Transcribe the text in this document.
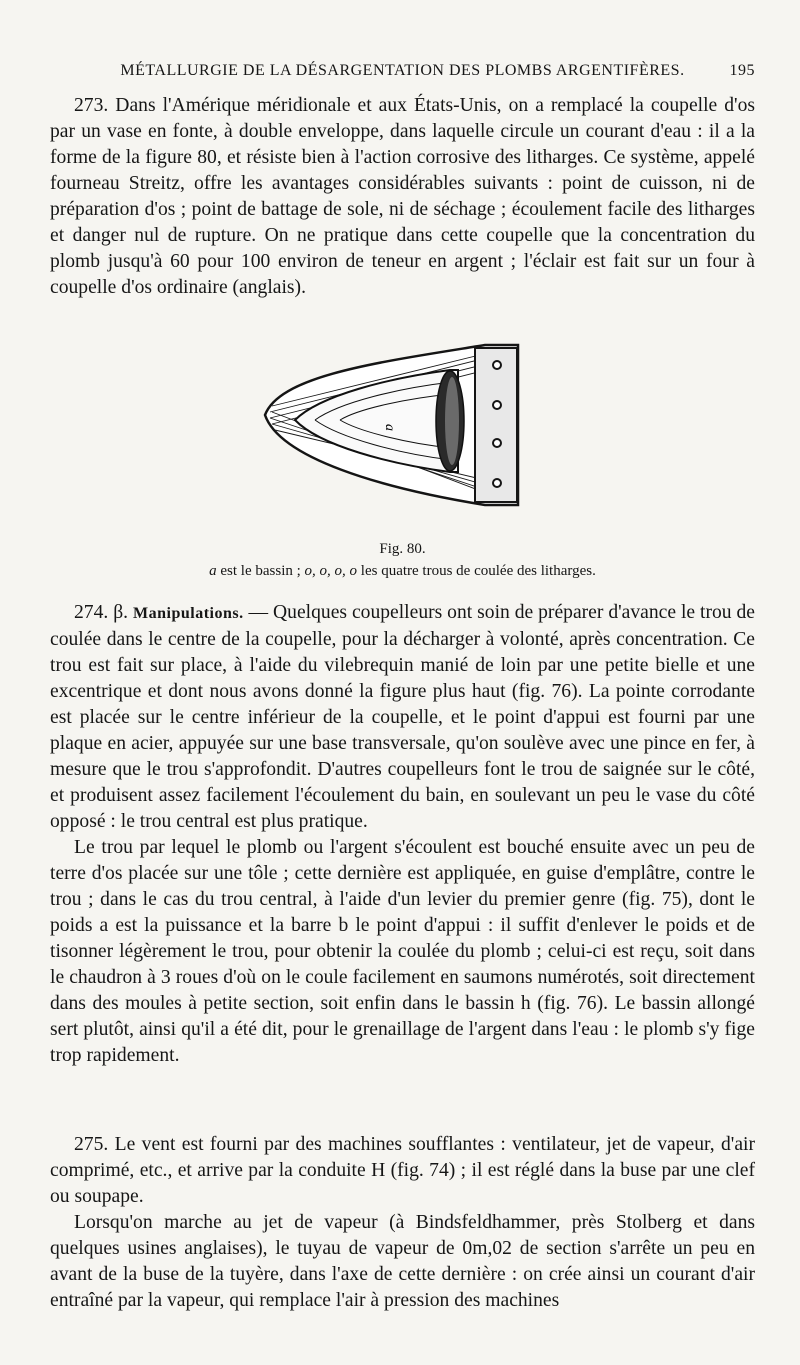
MÉTALLURGIE DE LA DÉSARGENTATION DES PLOMBS ARGENTIFÈRES.	195

273. Dans l'Amérique méridionale et aux États-Unis, on a remplacé la coupelle d'os par un vase en fonte, à double enveloppe, dans laquelle circule un courant d'eau : il a la forme de la figure 80, et résiste bien à l'action corrosive des litharges. Ce système, appelé fourneau Streitz, offre les avantages considérables suivants : point de cuisson, ni de préparation d'os ; point de battage de sole, ni de séchage ; écoulement facile des litharges et danger nul de rupture. On ne pratique dans cette coupelle que la concentration du plomb jusqu'à 60 pour 100 environ de teneur en argent ; l'éclair est fait sur un four à coupelle d'os ordinaire (anglais).

a
Fig. 80.
a est le bassin ; o, o, o, o les quatre trous de coulée des litharges.

274. β. Manipulations. — Quelques coupelleurs ont soin de préparer d'avance le trou de coulée dans le centre de la coupelle, pour la décharger à volonté, après concentration. Ce trou est fait sur place, à l'aide du vilebrequin manié de loin par une petite bielle et une excentrique et dont nous avons donné la figure plus haut (fig. 76). La pointe corrodante est placée sur le centre inférieur de la coupelle, et le point d'appui est fourni par une plaque en acier, appuyée sur une base transversale, qu'on soulève avec une pince en fer, à mesure que le trou s'approfondit. D'autres coupelleurs font le trou de saignée sur le côté, et produisent assez facilement l'écoulement du bain, en soulevant un peu le vase du côté opposé : le trou central est plus pratique.

Le trou par lequel le plomb ou l'argent s'écoulent est bouché ensuite avec un peu de terre d'os placée sur une tôle ; cette dernière est appliquée, en guise d'emplâtre, contre le trou ; dans le cas du trou central, à l'aide d'un levier du premier genre (fig. 75), dont le poids a est la puissance et la barre b le point d'appui : il suffit d'enlever le poids et de tisonner légèrement le trou, pour obtenir la coulée du plomb ; celui-ci est reçu, soit dans le chaudron à 3 roues d'où on le coule facilement en saumons numérotés, soit directement dans des moules à petite section, soit enfin dans le bassin h (fig. 76). Le bassin allongé sert plutôt, ainsi qu'il a été dit, pour le grenaillage de l'argent dans l'eau : le plomb s'y fige trop rapidement.

275. Le vent est fourni par des machines soufflantes : ventilateur, jet de vapeur, d'air comprimé, etc., et arrive par la conduite H (fig. 74) ; il est réglé dans la buse par une clef ou soupape.

Lorsqu'on marche au jet de vapeur (à Bindsfeldhammer, près Stolberg et dans quelques usines anglaises), le tuyau de vapeur de 0m,02 de section s'arrête un peu en avant de la buse de la tuyère, dans l'axe de cette dernière : on crée ainsi un courant d'air entraîné par la vapeur, qui remplace l'air à pression des machines
